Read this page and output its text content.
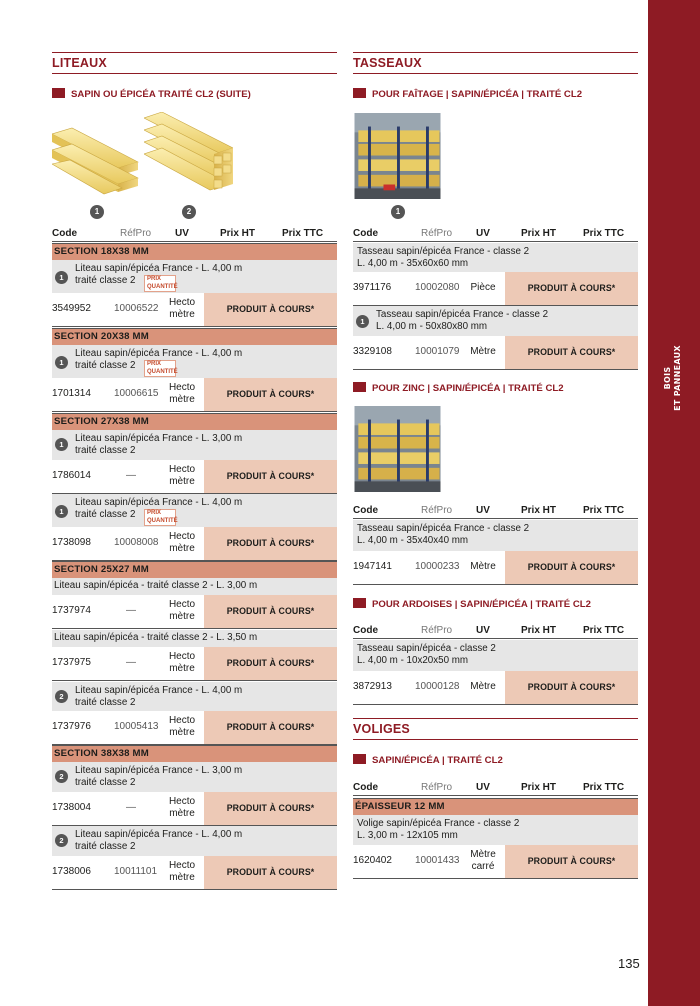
BOIS ET PANNEAUX
LITEAUX
SAPIN OU ÉPICÉA TRAITÉ CL2 (SUITE)
1	2
Code	RéfPro UV	Prix HT	Prix TTC
SECTION 18X38 MM
1
Liteau sapin/épicéa France - L. 4,00 m
traité classe 2	PRIX
QUANTITÉ
3549952 10006522
Hecto
mètre	PRODUIT À COURS*
SECTION 20X38 MM
1
Liteau sapin/épicéa France - L. 4,00 m
traité classe 2	PRIX
QUANTITÉ
1701314 10006615
Hecto
mètre	PRODUIT À COURS*
SECTION 27X38 MM
1
Liteau sapin/épicéa France - L. 3,00 m
traité classe 2
1786014	—
Hecto
mètre	PRODUIT À COURS*
1
Liteau sapin/épicéa France - L. 4,00 m
traité classe 2	PRIX
QUANTITÉ
1738098 10008008
Hecto
mètre	PRODUIT À COURS*
SECTION 25X27 MM
Liteau sapin/épicéa - traité classe 2 - L. 3,00 m
1737974	—
Hecto
mètre	PRODUIT À COURS*
Liteau sapin/épicéa - traité classe 2 - L. 3,50 m
1737975	—
Hecto
mètre	PRODUIT À COURS*
2
Liteau sapin/épicéa France - L. 4,00 m
traité classe 2
1737976 10005413
Hecto
mètre	PRODUIT À COURS*
SECTION 38X38 MM
2
Liteau sapin/épicéa France - L. 3,00 m
traité classe 2
1738004	—
Hecto
mètre	PRODUIT À COURS*
2
Liteau sapin/épicéa France - L. 4,00 m
traité classe 2
1738006 10011101
Hecto
mètre	PRODUIT À COURS*
TASSEAUX
POUR FAÎTAGE | SAPIN/ÉPICÉA | TRAITÉ CL2
1
Code	RéfPro UV	Prix HT	Prix TTC
Tasseau sapin/épicéa France - classe 2
L. 4,00 m - 35x60x60 mm
3971176 10002080	Pièce	PRODUIT À COURS*
1
Tasseau sapin/épicéa France - classe 2
L. 4,00 m - 50x80x80 mm
3329108 10001079	Mètre	PRODUIT À COURS*
POUR ZINC | SAPIN/ÉPICÉA | TRAITÉ CL2
Code	RéfPro UV	Prix HT	Prix TTC
Tasseau sapin/épicéa France - classe 2
L. 4,00 m - 35x40x40 mm
1947141 10000233	Mètre	PRODUIT À COURS*
POUR ARDOISES | SAPIN/ÉPICÉA | TRAITÉ CL2
Code	RéfPro UV	Prix HT	Prix TTC
Tasseau sapin/épicéa - classe 2
L. 4,00 m - 10x20x50 mm
3872913 10000128	Mètre	PRODUIT À COURS*
VOLIGES
SAPIN/ÉPICÉA | TRAITÉ CL2
Code	RéfPro UV	Prix HT	Prix TTC
ÉPAISSEUR 12 MM
Volige sapin/épicéa France - classe 2
L. 3,00 m - 12x105 mm
1620402 10001433
Mètre
carré	PRODUIT À COURS*
135
